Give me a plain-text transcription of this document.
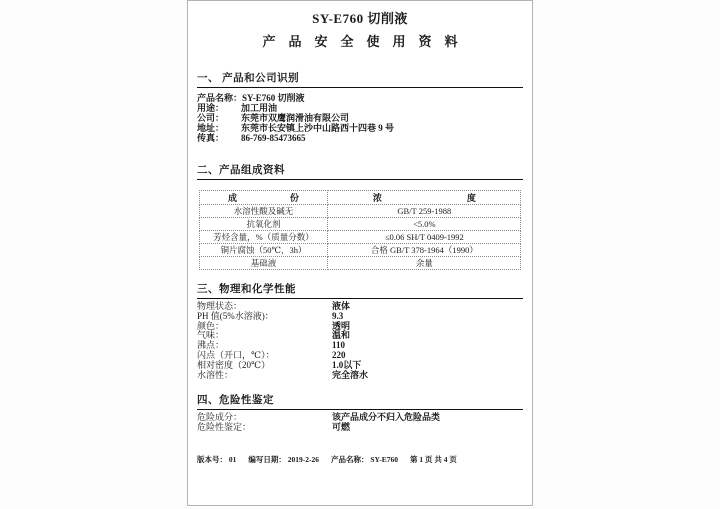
SY-E760 切削液
产品安全使用资料
一、 产品和公司识别
产品名称： SY-E760 切削液
用途：	加工用油
公司：	东莞市双鹰润滑油有限公司
地址：	东莞市长安镇上沙中山路西十四巷 9 号
传真：	86-769-85473665
二、产品组成资料
成 份	浓 度

水溶性酸及碱无	GB/T 259-1988
抗氧化剂	<5.0%
芳烃含量，%（质量分数）	≤0.06 SH/T 0409-1992
铜片腐蚀（50℃，3h）	合格 GB/T 378-1964（1990）
基础液	余量
三、物理和化学性能
物理状态：	液体
PH 值(5%水溶液)：	9.3
颜色：	透明
气味：	温和
沸点：	110
闪点（开口，℃）：	220
相对密度（20℃）	1.0以下
水溶性：	完全溶水
四、危险性鉴定
危险成分：	该产品成分不归入危险品类
危险性鉴定：	可燃
版本号： 01 编写日期： 2019-2-26 产品名称： SY-E760 第 1 页 共 4 页
